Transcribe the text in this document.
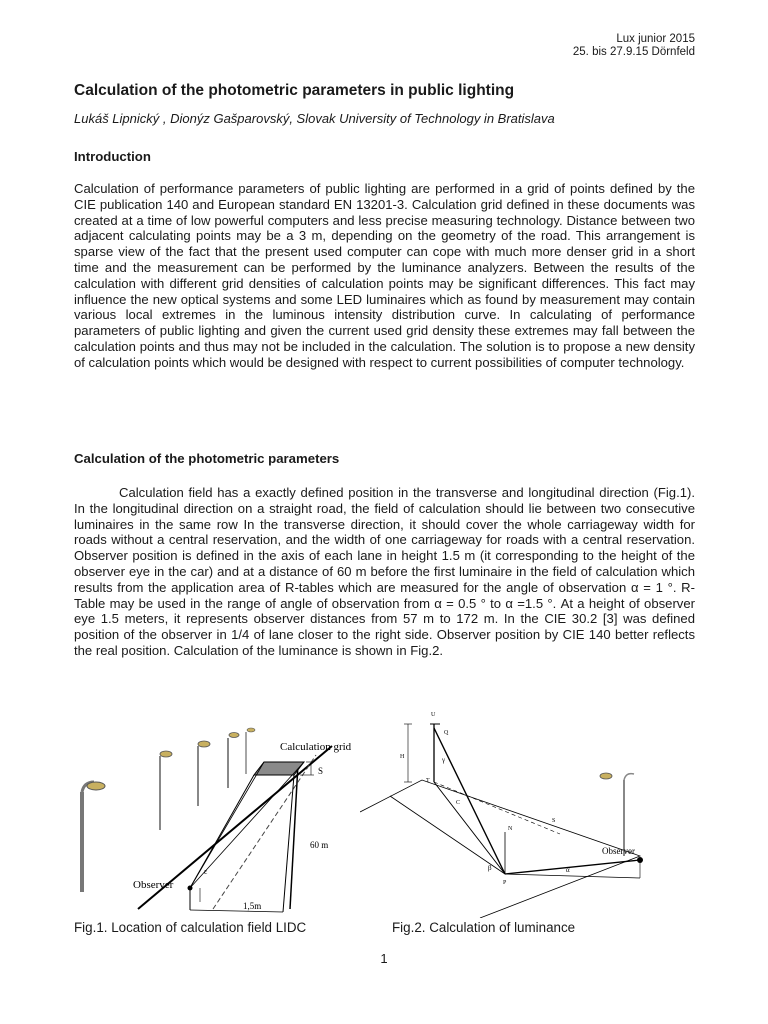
Lux junior 2015
25. bis 27.9.15 Dörnfeld
Calculation of the photometric parameters in public lighting
Lukáš Lipnický , Dionýz Gašparovský, Slovak University of Technology in Bratislava
Introduction

Calculation of performance parameters of public lighting are performed in a grid of points defined by the CIE publication 140 and European standard EN 13201-3. Calculation grid defined in these documents was created at a time of low powerful computers and less precise measuring technology. Distance between two adjacent calculating points may be a 3 m, depending on the geometry of the road. This arrangement is sparse view of the fact that the present used computer can cope with much more denser grid in a short time and the measurement can be performed by the luminance analyzers. Between the results of the calculation with different grid densities of calculation points may be significant differences. This fact may influence the new optical systems and some LED luminaires which as found by measurement may contain various local extremes in the luminous intensity distribution curve. In calculating of performance parameters of public lighting and given the current used grid density these extremes may fall between the calculation points and thus may not be included in the calculation. The solution is to propose a new density of calculation points which would be designed with respect to current possibilities of computer technology.

Calculation of the photometric parameters

Calculation field has a exactly defined position in the transverse and longitudinal direction (Fig.1). In the longitudinal direction on a straight road, the field of calculation should lie between two consecutive luminaires in the same row In the transverse direction, it should cover the whole carriageway width for roads without a central reservation, and the width of one carriageway for roads with a central reservation. Observer position is defined in the axis of each lane in height 1.5 m (it corresponding to the height of the observer eye in the car) and at a distance of 60 m before the first luminaire in the field of calculation which results from the application area of R-tables which are measured for the angle of observation α = 1 °. R-Table may be used in the range of angle of observation from α = 0.5 ° to α =1.5 °. At a height of observer eye 1.5 meters, it represents observer distances from 57 m to 172 m. In the CIE 30.2 [3] was defined position of the observer in 1/4 of lane closer to the right side. Observer position by CIE 140 better reflects the real position. Calculation of the luminance is shown in Fig.2.

S
Calculation grid
60 m
Observer
1,5m
ε
U
Q
H
T
γ
C
S
N
β
P
α
Observer
Fig.1. Location of calculation field LIDC	Fig.2. Calculation of luminance
1
